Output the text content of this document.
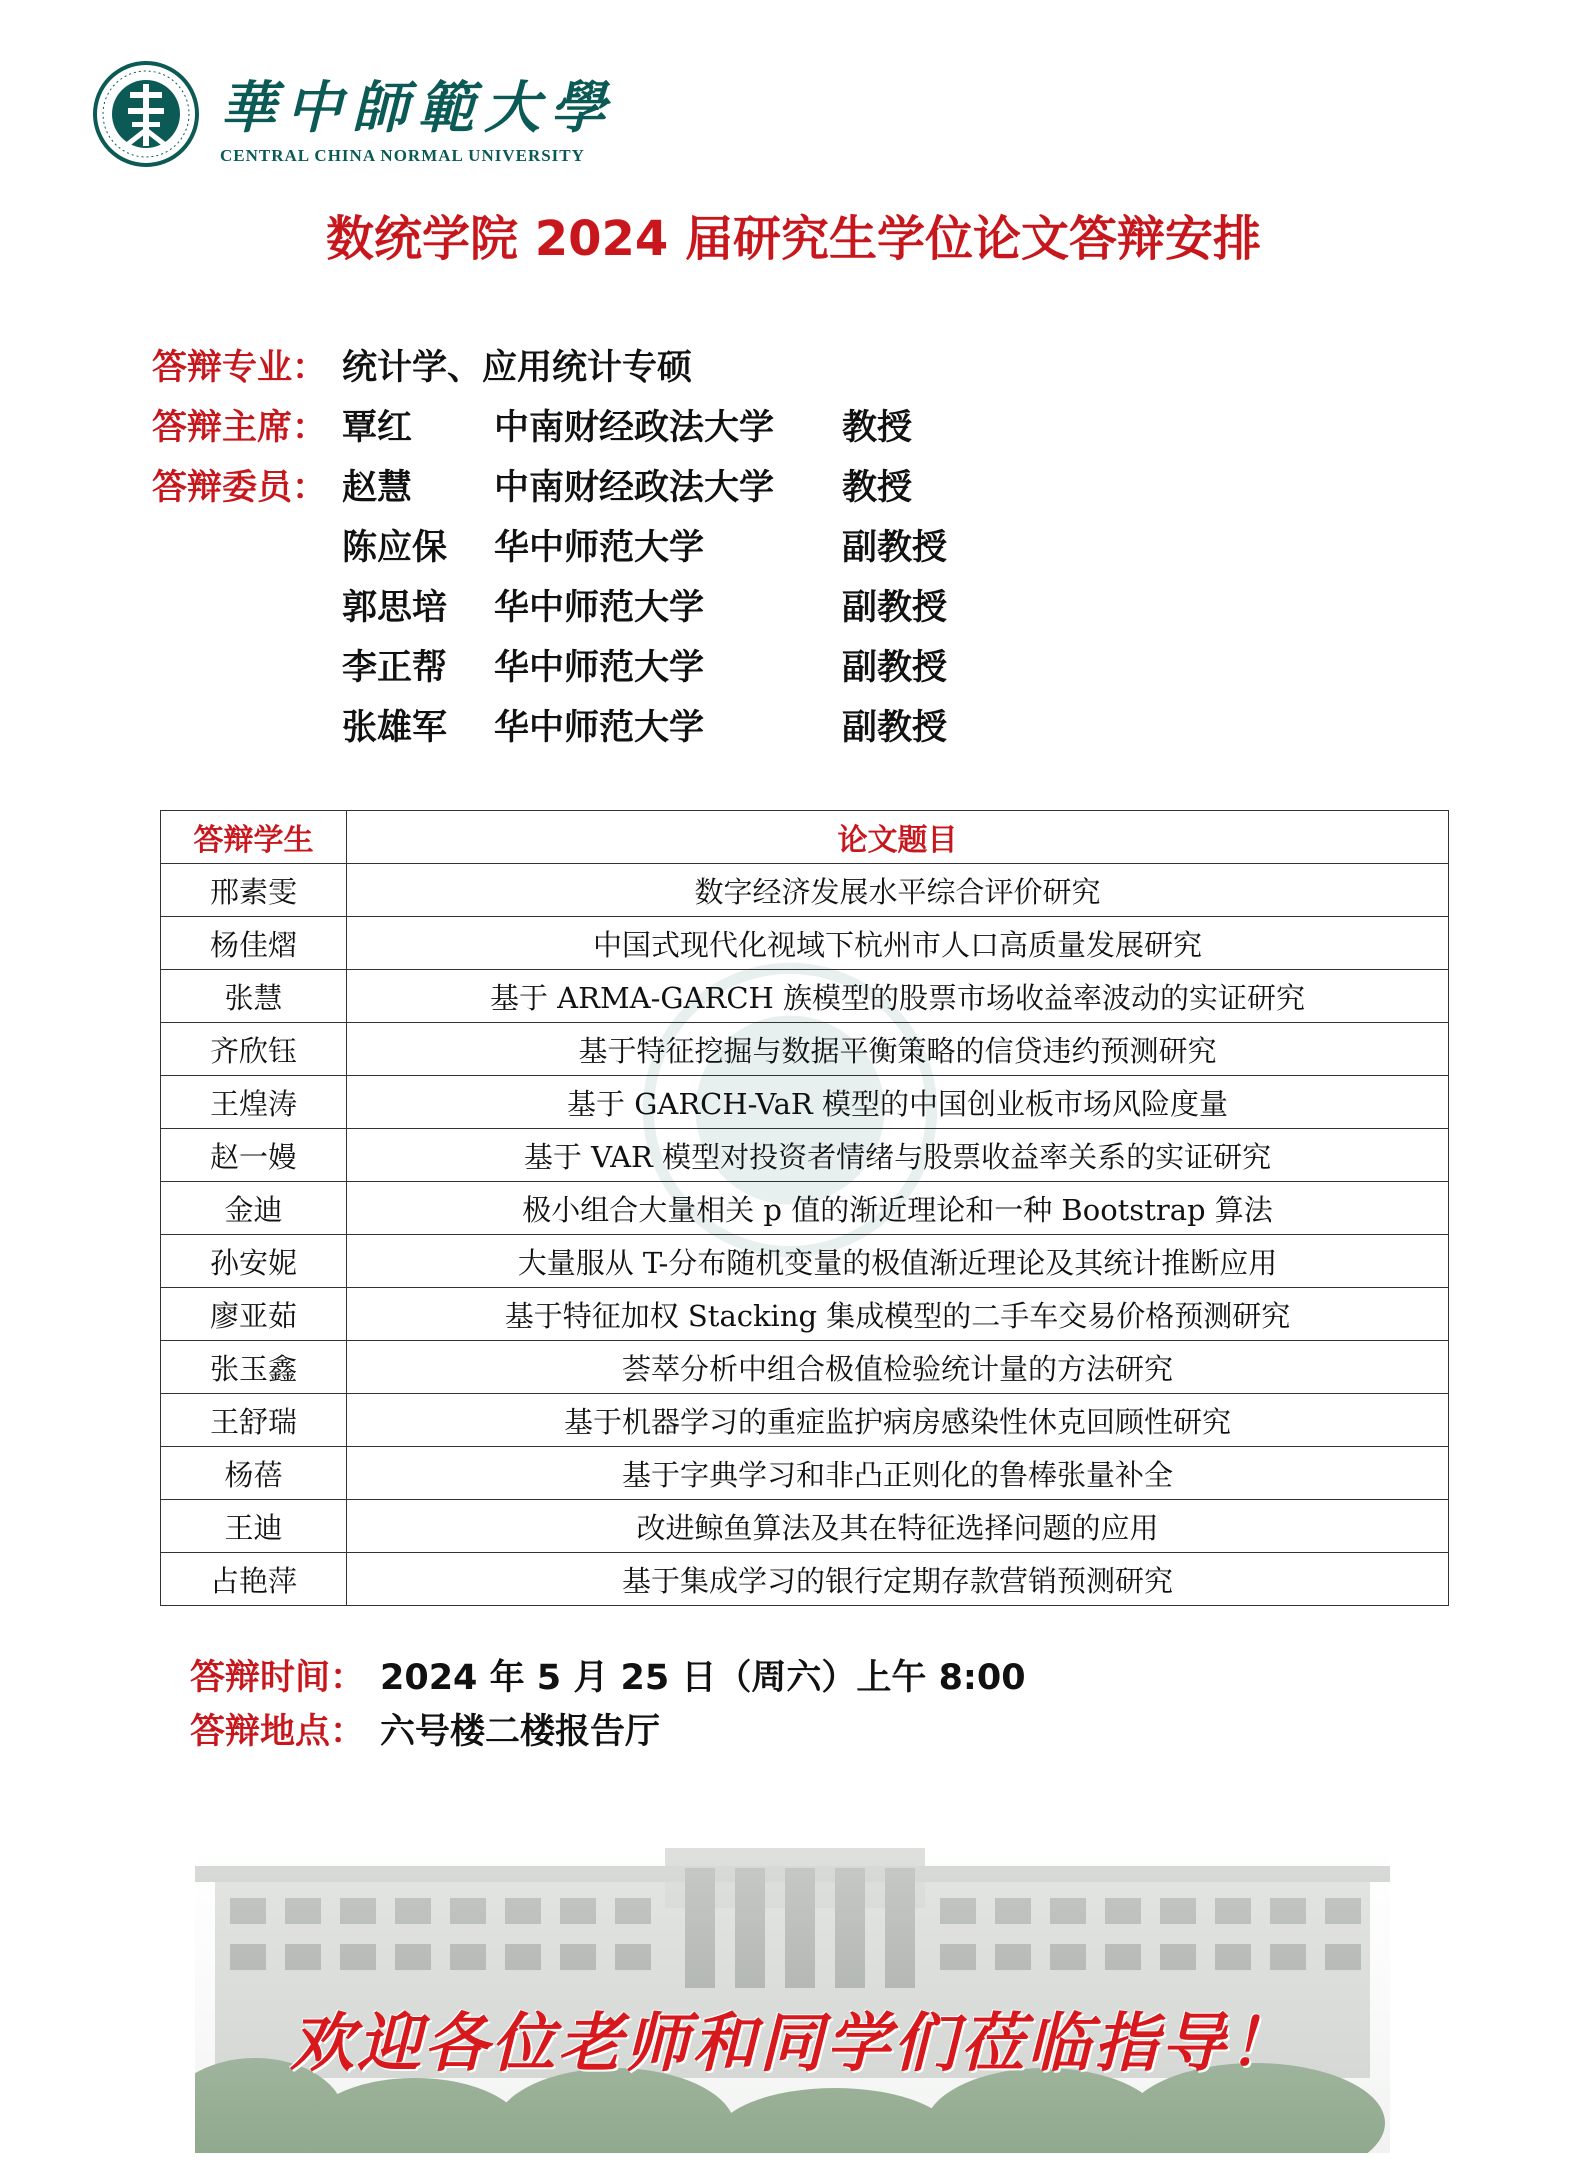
華中師範大學
CENTRAL CHINA NORMAL UNIVERSITY
数统学院 2024 届研究生学位论文答辩安排
答辩专业： 统计学、应用统计专硕
答辩主席： 覃红 中南财经政法大学 教授
答辩委员： 赵慧 中南财经政法大学 教授
陈应保 华中师范大学	副教授
郭思培 华中师范大学	副教授
李正帮 华中师范大学	副教授
张雄军 华中师范大学	副教授
答辩学生	论文题目
邢素雯	数字经济发展水平综合评价研究
杨佳熠	中国式现代化视域下杭州市人口高质量发展研究
张慧	基于 ARMA-GARCH 族模型的股票市场收益率波动的实证研究
齐欣钰	基于特征挖掘与数据平衡策略的信贷违约预测研究
王煌涛	基于 GARCH-VaR 模型的中国创业板市场风险度量
赵一嫚	基于 VAR 模型对投资者情绪与股票收益率关系的实证研究
金迪	极小组合大量相关 p 值的渐近理论和一种 Bootstrap 算法
孙安妮	大量服从 T-分布随机变量的极值渐近理论及其统计推断应用
廖亚茹	基于特征加权 Stacking 集成模型的二手车交易价格预测研究
张玉鑫	荟萃分析中组合极值检验统计量的方法研究
王舒瑞	基于机器学习的重症监护病房感染性休克回顾性研究
杨蓓	基于字典学习和非凸正则化的鲁棒张量补全
王迪	改进鲸鱼算法及其在特征选择问题的应用
占艳萍	基于集成学习的银行定期存款营销预测研究
答辩时间： 2024 年 5 月 25 日（周六）上午 8:00
答辩地点： 六号楼二楼报告厅
欢迎各位老师和同学们莅临指导！
